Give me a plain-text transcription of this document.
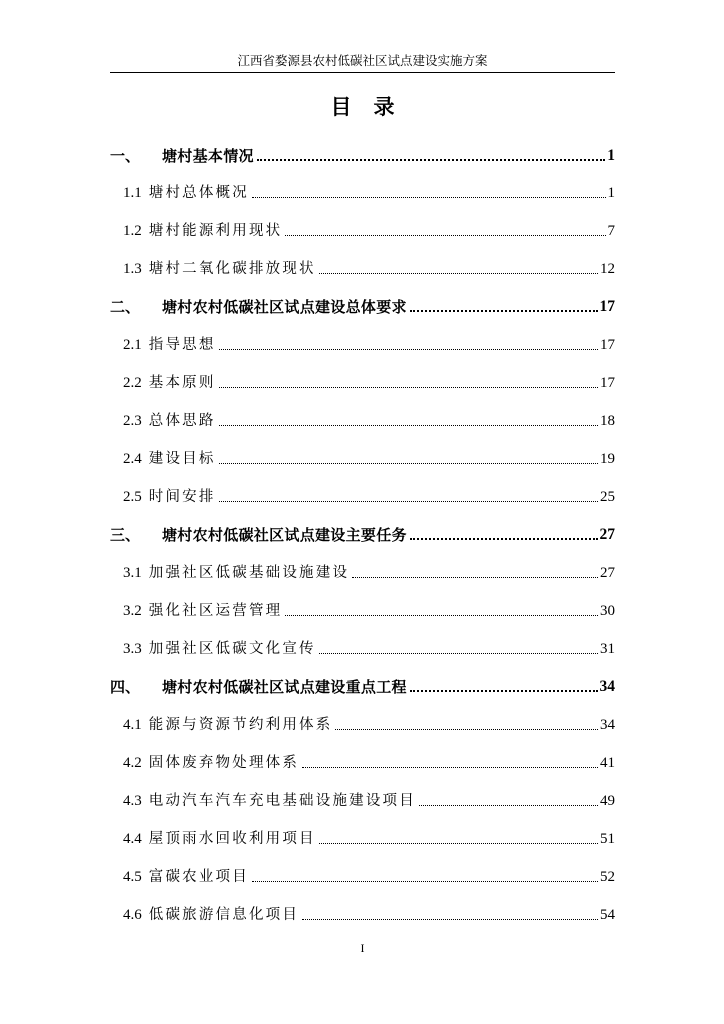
江西省婺源县农村低碳社区试点建设实施方案
目录
一、	塘村基本情况	1
1.1 塘村总体概况	1
1.2 塘村能源利用现状	7
1.3 塘村二氧化碳排放现状	12
二、	塘村农村低碳社区试点建设总体要求	17
2.1 指导思想	17
2.2 基本原则	17
2.3 总体思路	18
2.4 建设目标	19
2.5 时间安排	25
三、	塘村农村低碳社区试点建设主要任务	27
3.1 加强社区低碳基础设施建设	27
3.2 强化社区运营管理	30
3.3 加强社区低碳文化宣传	31
四、	塘村农村低碳社区试点建设重点工程	34
4.1 能源与资源节约利用体系	34
4.2 固体废弃物处理体系	41
4.3 电动汽车汽车充电基础设施建设项目	49
4.4 屋顶雨水回收利用项目	51
4.5 富碳农业项目	52
4.6 低碳旅游信息化项目	54
I
